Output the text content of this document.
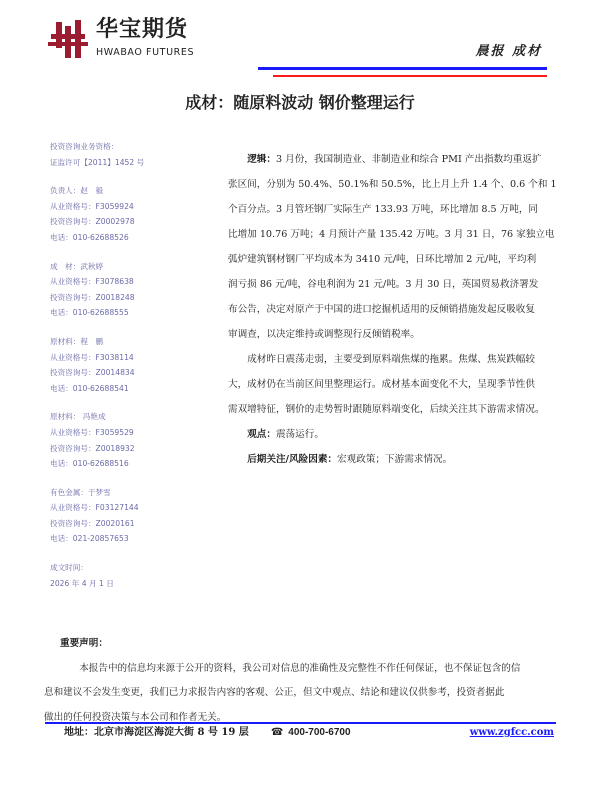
华宝期货
HWABAO FUTURES	晨报 成材
成材：随原料波动 钢价整理运行
投资咨询业务资格：
证监许可【2011】1452 号
负责人：赵　毅
从业资格号：F3059924
投资咨询号：Z0002978
电话：010-62688526
成　材：武秋婷
从业资格号：F3078638
投资咨询号：Z0018248
电话：010-62688555
原材料：程　鹏
从业资格号：F3038114
投资咨询号：Z0014834
电话：010-62688541
原材料： 冯艳成
从业资格号：F3059529
投资咨询号：Z0018932
电话：010-62688516
有色金属：于梦雪
从业资格号：F03127144
投资咨询号：Z0020161
电话：021-20857653
成文时间：
2026 年 4 月 1 日

　　逻辑：3 月份，我国制造业、非制造业和综合 PMI 产出指数均重返扩

张区间，分别为 50.4%、50.1%和 50.5%，比上月上升 1.4 个、0.6 个和 1

个百分点。3 月管坯钢厂实际生产 133.93 万吨，环比增加 8.5 万吨，同

比增加 10.76 万吨；4 月预计产量 135.42 万吨。3 月 31 日，76 家独立电

弧炉建筑钢材钢厂平均成本为 3410 元/吨，日环比增加 2 元/吨，平均利

润亏损 86 元/吨，谷电利润为 21 元/吨。3 月 30 日，英国贸易救济署发

布公告，决定对原产于中国的进口挖掘机适用的反倾销措施发起反吸收复

审调查，以决定维持或调整现行反倾销税率。

　　成材昨日震荡走弱，主要受到原料端焦煤的拖累。焦煤、焦炭跌幅较

大，成材仍在当前区间里整理运行。成材基本面变化不大，呈现季节性供

需双增特征，钢价的走势暂时跟随原料端变化，后续关注其下游需求情况。

　　观点：震荡运行。

　　后期关注/风险因素：宏观政策；下游需求情况。

重要声明：

　　本报告中的信息均来源于公开的资料，我公司对信息的准确性及完整性不作任何保证，也不保证包含的信

息和建议不会发生变更，我们已力求报告内容的客观、公正，但文中观点、结论和建议仅供参考，投资者据此

做出的任何投资决策与本公司和作者无关。

地址：北京市海淀区海淀大街 8 号 19 层 ☎ 400-700-6700	www.zgfcc.com
